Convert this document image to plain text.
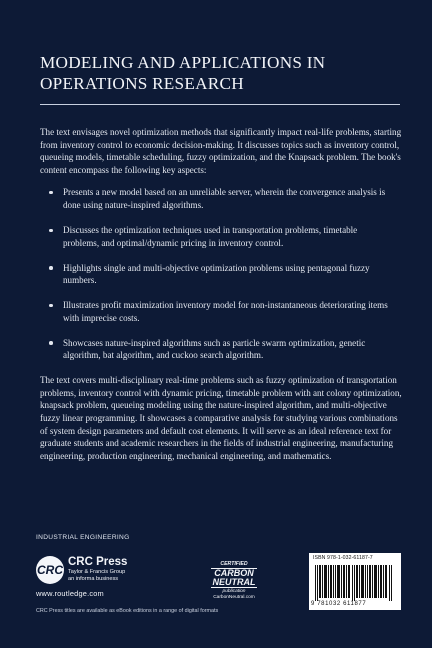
MODELING AND APPLICATIONS IN OPERATIONS RESEARCH

The text envisages novel optimization methods that significantly impact real-life problems, starting from inventory control to economic decision-making. It discusses topics such as inventory control, queueing models, timetable scheduling, fuzzy optimization, and the Knapsack problem. The book's content encompass the following key aspects:

Presents a new model based on an unreliable server, wherein the convergence analysis is done using nature-inspired algorithms.
Discusses the optimization techniques used in transportation problems, timetable problems, and optimal/dynamic pricing in inventory control.
Highlights single and multi-objective optimization problems using pentagonal fuzzy numbers.
Illustrates profit maximization inventory model for non-instantaneous deteriorating items with imprecise costs.
Showcases nature-inspired algorithms such as particle swarm optimization, genetic algorithm, bat algorithm, and cuckoo search algorithm.

The text covers multi-disciplinary real-time problems such as fuzzy optimization of transportation problems, inventory control with dynamic pricing, timetable problem with ant colony optimization, knapsack problem, queueing modeling using the nature-inspired algorithm, and multi-objective fuzzy linear programming. It showcases a comparative analysis for studying various combinations of system design parameters and default cost elements. It will serve as an ideal reference text for graduate students and academic researchers in the fields of industrial engineering, manufacturing engineering, production engineering, mechanical engineering, and mathematics.

INDUSTRIAL ENGINEERING
CRC
CRC Press
Taylor & Francis Group
an informa business
www.routledge.com
CRC Press titles are available as eBook editions in a range of digital formats
CERTIFIED
CARBON
NEUTRAL
publication
CarbonNeutral.com
ISBN 978-1-032-61187-7
9 781032 611877
